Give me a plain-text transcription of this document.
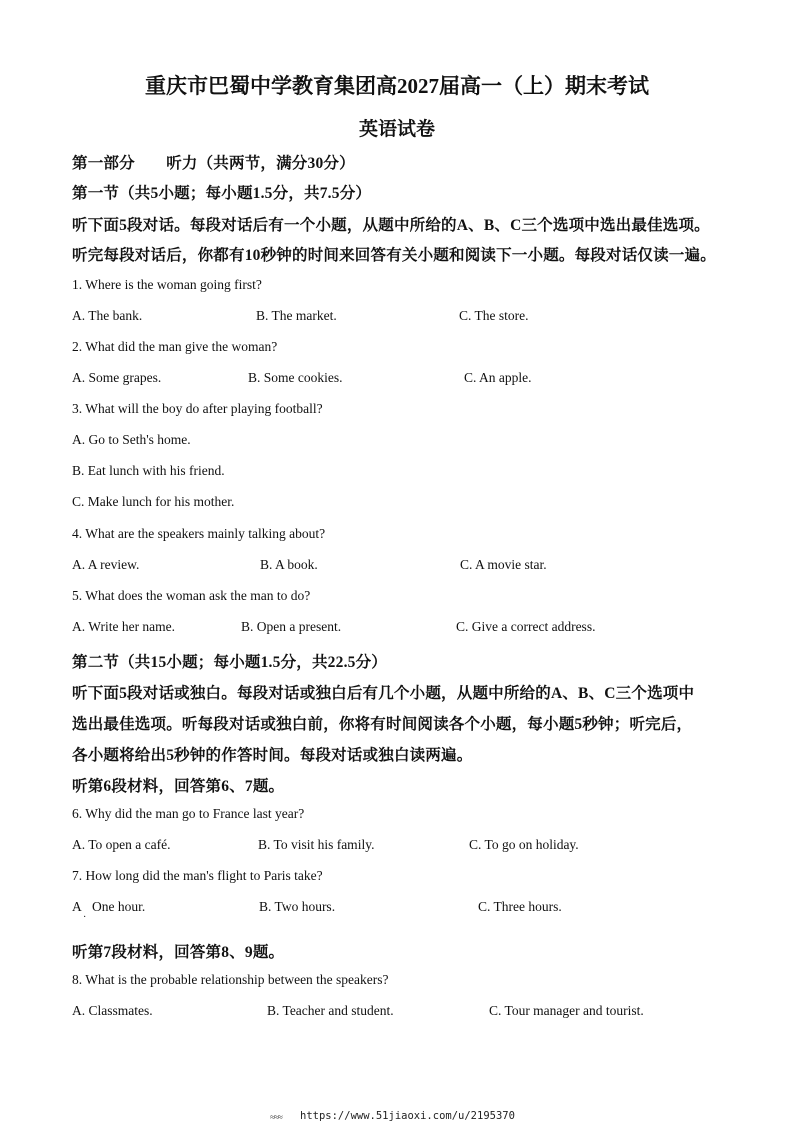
重庆市巴蜀中学教育集团高2027届高一（上）期末考试
英语试卷
第一部分　　听力（共两节，满分30分）
第一节（共5小题；每小题1.5分，共7.5分）
听下面5段对话。每段对话后有一个小题，从题中所给的A、B、C三个选项中选出最佳选项。
听完每段对话后，你都有10秒钟的时间来回答有关小题和阅读下一小题。每段对话仅读一遍。
1. Where is the woman going first?
A. The bank.	B. The market.	C. The store.
2. What did the man give the woman?
A. Some grapes.	B. Some cookies.	C. An apple.
3. What will the boy do after playing football?
A. Go to Seth's home.
B. Eat lunch with his friend.
C. Make lunch for his mother.
4. What are the speakers mainly talking about?
A. A review.	B. A book.	C. A movie star.
5. What does the woman ask the man to do?
A. Write her name.	B. Open a present.	C. Give a correct address.
第二节（共15小题；每小题1.5分，共22.5分）
听下面5段对话或独白。每段对话或独白后有几个小题，从题中所给的A、B、C三个选项中
选出最佳选项。听每段对话或独白前，你将有时间阅读各个小题，每小题5秒钟；听完后，
各小题将给出5秒钟的作答时间。每段对话或独白读两遍。
听第6段材料，回答第6、7题。
6. Why did the man go to France last year?
A. To open a café.	B. To visit his family.	C. To go on holiday.
7. How long did the man's flight to Paris take?
A
·
One hour.	B. Two hours.	C. Three hours.
听第7段材料，回答第8、9题。
8. What is the probable relationship between the speakers?
A. Classmates.	B. Teacher and student.	C. Tour manager and tourist.
≈≈≈ https://www.51jiaoxi.com/u/2195370
